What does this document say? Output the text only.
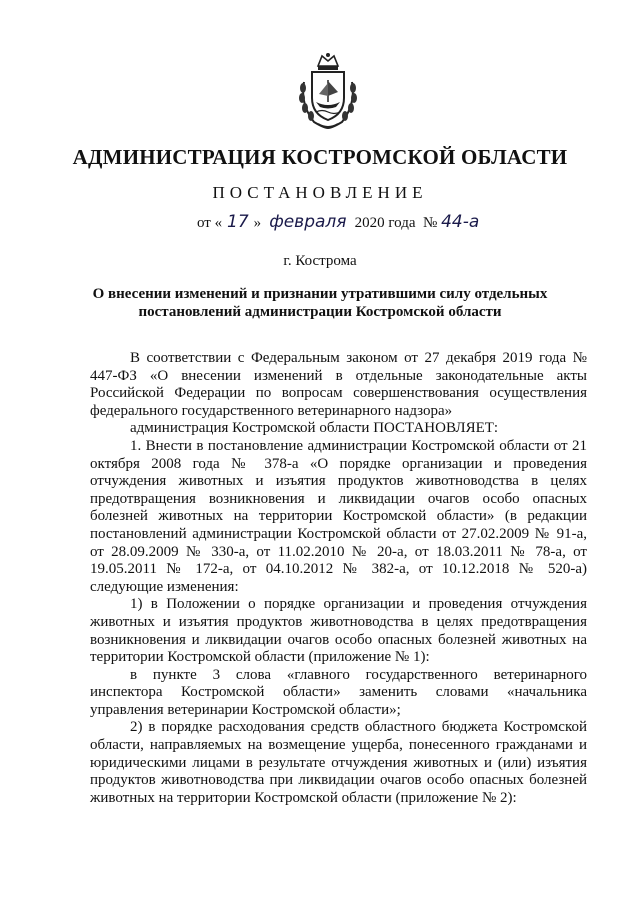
АДМИНИСТРАЦИЯ КОСТРОМСКОЙ ОБЛАСТИ
ПОСТАНОВЛЕНИЕ
от « 17 » февраля 2020 года № 44-а
г. Кострома
О внесении изменений и признании утратившими силу отдельных постановлений администрации Костромской области

В соответствии с Федеральным законом от 27 декабря 2019 года № 447-ФЗ «О внесении изменений в отдельные законодательные акты Российской Федерации по вопросам совершенствования осуществления федерального государственного ветеринарного надзора»

администрация Костромской области ПОСТАНОВЛЯЕТ:

1. Внести в постановление администрации Костромской области от 21 октября 2008 года № 378-а «О порядке организации и проведения отчуждения животных и изъятия продуктов животноводства в целях предотвращения возникновения и ликвидации очагов особо опасных болезней животных на территории Костромской области» (в редакции постановлений администрации Костромской области от 27.02.2009 № 91-а, от 28.09.2009 № 330-а, от 11.02.2010 № 20-а, от 18.03.2011 № 78-а, от 19.05.2011 № 172-а, от 04.10.2012 № 382-а, от 10.12.2018 № 520-а) следующие изменения:

1) в Положении о порядке организации и проведения отчуждения животных и изъятия продуктов животноводства в целях предотвращения возникновения и ликвидации очагов особо опасных болезней животных на территории Костромской области (приложение № 1):

в пункте 3 слова «главного государственного ветеринарного инспектора Костромской области» заменить словами «начальника управления ветеринарии Костромской области»;

2) в порядке расходования средств областного бюджета Костромской области, направляемых на возмещение ущерба, понесенного гражданами и юридическими лицами в результате отчуждения животных и (или) изъятия продуктов животноводства при ликвидации очагов особо опасных болезней животных на территории Костромской области (приложение № 2):
